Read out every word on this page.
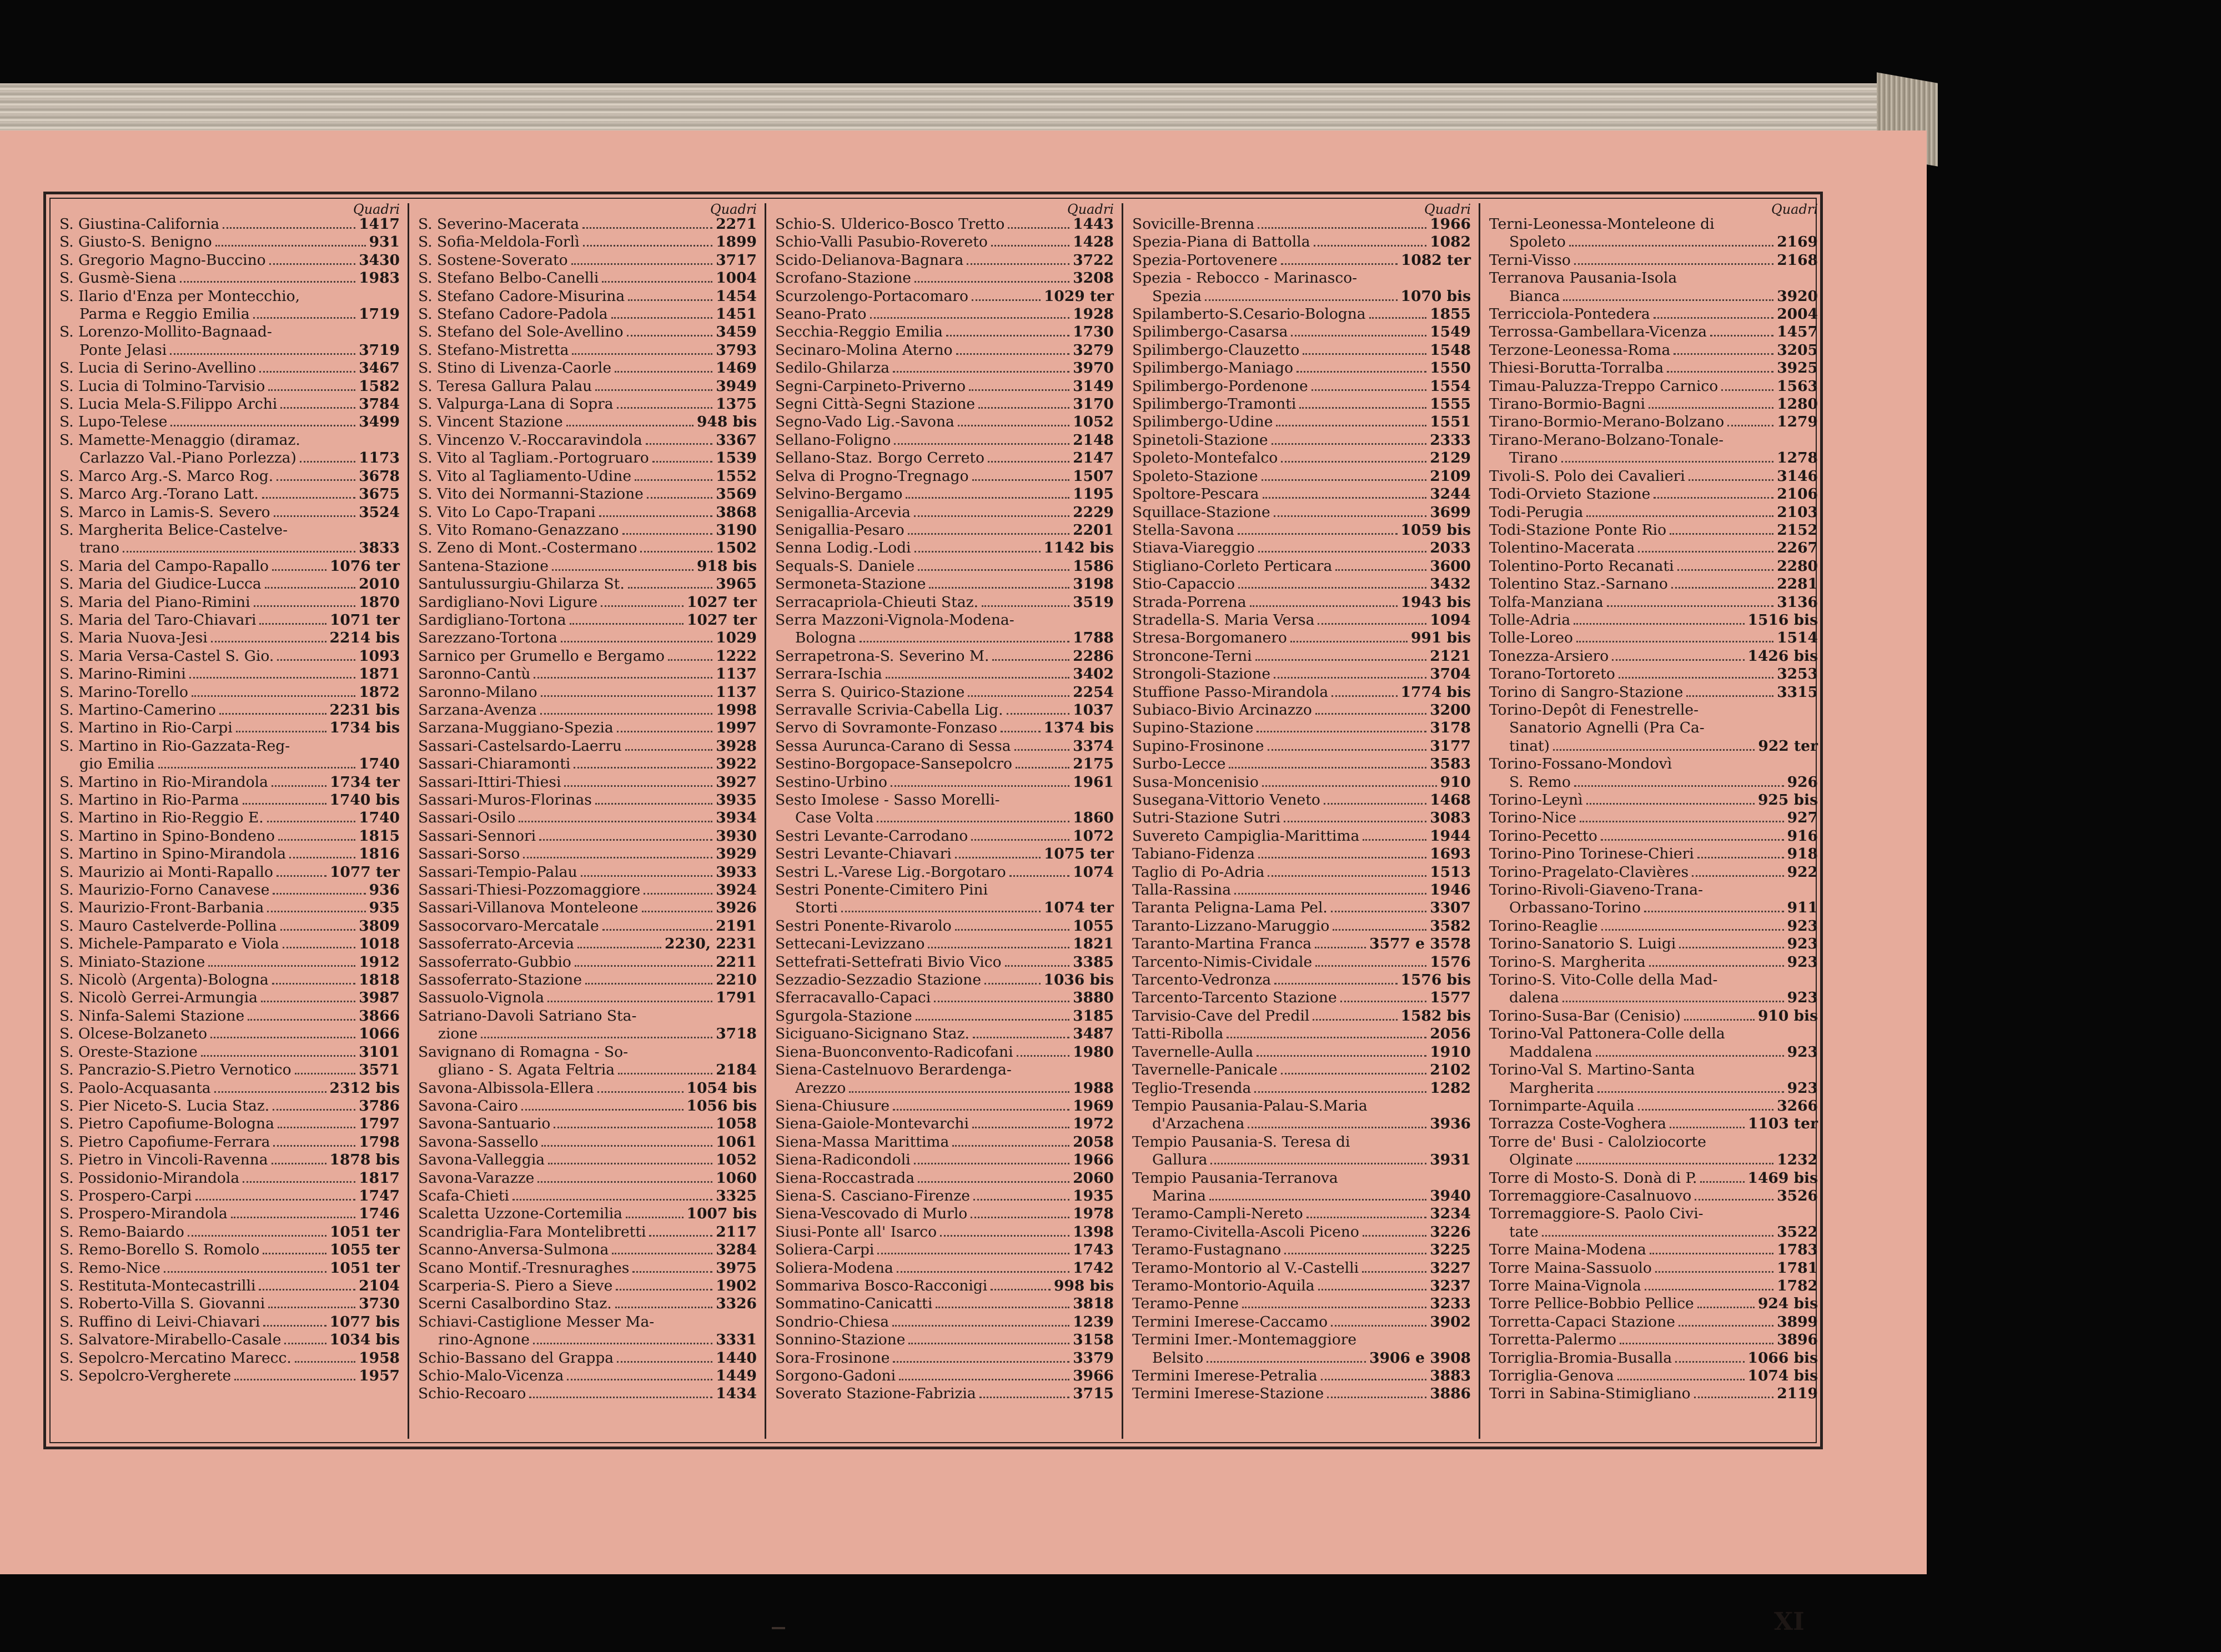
Quadri
S. Giustina-California	1417
S. Giusto-S. Benigno	931
S. Gregorio Magno-Buccino	3430
S. Gusmè-Siena	1983
S. Ilario d'Enza per Montecchio,
Parma e Reggio Emilia	1719
S. Lorenzo-Mollito-Bagnaad-
Ponte Jelasi	3719
S. Lucia di Serino-Avellino	3467
S. Lucia di Tolmino-Tarvisio	1582
S. Lucia Mela-S.Filippo Archi	3784
S. Lupo-Telese	3499
S. Mamette-Menaggio (diramaz.
Carlazzo Val.-Piano Porlezza)	1173
S. Marco Arg.-S. Marco Rog.	3678
S. Marco Arg.-Torano Latt.	3675
S. Marco in Lamis-S. Severo	3524
S. Margherita Belice-Castelve-
trano	3833
S. Maria del Campo-Rapallo	1076 ter
S. Maria del Giudice-Lucca	2010
S. Maria del Piano-Rimini	1870
S. Maria del Taro-Chiavari	1071 ter
S. Maria Nuova-Jesi	2214 bis
S. Maria Versa-Castel S. Gio.	1093
S. Marino-Rimini	1871
S. Marino-Torello	1872
S. Martino-Camerino	2231 bis
S. Martino in Rio-Carpi	1734 bis
S. Martino in Rio-Gazzata-Reg-
gio Emilia	1740
S. Martino in Rio-Mirandola	1734 ter
S. Martino in Rio-Parma	1740 bis
S. Martino in Rio-Reggio E.	1740
S. Martino in Spino-Bondeno	1815
S. Martino in Spino-Mirandola	1816
S. Maurizio ai Monti-Rapallo	1077 ter
S. Maurizio-Forno Canavese	936
S. Maurizio-Front-Barbania	935
S. Mauro Castelverde-Pollina	3809
S. Michele-Pamparato e Viola	1018
S. Miniato-Stazione	1912
S. Nicolò (Argenta)-Bologna	1818
S. Nicolò Gerrei-Armungia	3987
S. Ninfa-Salemi Stazione	3866
S. Olcese-Bolzaneto	1066
S. Oreste-Stazione	3101
S. Pancrazio-S.Pietro Vernotico	3571
S. Paolo-Acquasanta	2312 bis
S. Pier Niceto-S. Lucia Staz.	3786
S. Pietro Capofiume-Bologna	1797
S. Pietro Capofiume-Ferrara	1798
S. Pietro in Vincoli-Ravenna	1878 bis
S. Possidonio-Mirandola	1817
S. Prospero-Carpi	1747
S. Prospero-Mirandola	1746
S. Remo-Baiardo	1051 ter
S. Remo-Borello S. Romolo	1055 ter
S. Remo-Nice	1051 ter
S. Restituta-Montecastrilli	2104
S. Roberto-Villa S. Giovanni	3730
S. Ruffino di Leivi-Chiavari	1077 bis
S. Salvatore-Mirabello-Casale	1034 bis
S. Sepolcro-Mercatino Marecc.	1958
S. Sepolcro-Vergherete	1957
Quadri
S. Severino-Macerata	2271
S. Sofia-Meldola-Forlì	1899
S. Sostene-Soverato	3717
S. Stefano Belbo-Canelli	1004
S. Stefano Cadore-Misurina	1454
S. Stefano Cadore-Padola	1451
S. Stefano del Sole-Avellino	3459
S. Stefano-Mistretta	3793
S. Stino di Livenza-Caorle	1469
S. Teresa Gallura Palau	3949
S. Valpurga-Lana di Sopra	1375
S. Vincent Stazione	948 bis
S. Vincenzo V.-Roccaravindola	3367
S. Vito al Tagliam.-Portogruaro	1539
S. Vito al Tagliamento-Udine	1552
S. Vito dei Normanni-Stazione	3569
S. Vito Lo Capo-Trapani	3868
S. Vito Romano-Genazzano	3190
S. Zeno di Mont.-Costermano	1502
Santena-Stazione	918 bis
Santulussurgiu-Ghilarza St.	3965
Sardigliano-Novi Ligure	1027 ter
Sardigliano-Tortona	1027 ter
Sarezzano-Tortona	1029
Sarnico per Grumello e Bergamo	1222
Saronno-Cantù	1137
Saronno-Milano	1137
Sarzana-Avenza	1998
Sarzana-Muggiano-Spezia	1997
Sassari-Castelsardo-Laerru	3928
Sassari-Chiaramonti	3922
Sassari-Ittiri-Thiesi	3927
Sassari-Muros-Florinas	3935
Sassari-Osilo	3934
Sassari-Sennori	3930
Sassari-Sorso	3929
Sassari-Tempio-Palau	3933
Sassari-Thiesi-Pozzomaggiore	3924
Sassari-Villanova Monteleone	3926
Sassocorvaro-Mercatale	2191
Sassoferrato-Arcevia	2230, 2231
Sassoferrato-Gubbio	2211
Sassoferrato-Stazione	2210
Sassuolo-Vignola	1791
Satriano-Davoli Satriano Sta-
zione	3718
Savignano di Romagna - So-
gliano - S. Agata Feltria	2184
Savona-Albissola-Ellera	1054 bis
Savona-Cairo	1056 bis
Savona-Santuario	1058
Savona-Sassello	1061
Savona-Valleggia	1052
Savona-Varazze	1060
Scafa-Chieti	3325
Scaletta Uzzone-Cortemilia	1007 bis
Scandriglia-Fara Montelibretti	2117
Scanno-Anversa-Sulmona	3284
Scano Montif.-Tresnuraghes	3975
Scarperia-S. Piero a Sieve	1902
Scerni Casalbordino Staz.	3326
Schiavi-Castiglione Messer Ma-
rino-Agnone	3331
Schio-Bassano del Grappa	1440
Schio-Malo-Vicenza	1449
Schio-Recoaro	1434
Quadri
Schio-S. Ulderico-Bosco Tretto	1443
Schio-Valli Pasubio-Rovereto	1428
Scido-Delianova-Bagnara	3722
Scrofano-Stazione	3208
Scurzolengo-Portacomaro	1029 ter
Seano-Prato	1928
Secchia-Reggio Emilia	1730
Secinaro-Molina Aterno	3279
Sedilo-Ghilarza	3970
Segni-Carpineto-Priverno	3149
Segni Città-Segni Stazione	3170
Segno-Vado Lig.-Savona	1052
Sellano-Foligno	2148
Sellano-Staz. Borgo Cerreto	2147
Selva di Progno-Tregnago	1507
Selvino-Bergamo	1195
Senigallia-Arcevia	2229
Senigallia-Pesaro	2201
Senna Lodig.-Lodi	1142 bis
Sequals-S. Daniele	1586
Sermoneta-Stazione	3198
Serracapriola-Chieuti Staz.	3519
Serra Mazzoni-Vignola-Modena-
Bologna	1788
Serrapetrona-S. Severino M.	2286
Serrara-Ischia	3402
Serra S. Quirico-Stazione	2254
Serravalle Scrivia-Cabella Lig.	1037
Servo di Sovramonte-Fonzaso	1374 bis
Sessa Aurunca-Carano di Sessa	3374
Sestino-Borgopace-Sansepolcro	2175
Sestino-Urbino	1961
Sesto Imolese - Sasso Morelli-
Case Volta	1860
Sestri Levante-Carrodano	1072
Sestri Levante-Chiavari	1075 ter
Sestri L.-Varese Lig.-Borgotaro	1074
Sestri Ponente-Cimitero Pini
Storti	1074 ter
Sestri Ponente-Rivarolo	1055
Settecani-Levizzano	1821
Settefrati-Settefrati Bivio Vico	3385
Sezzadio-Sezzadio Stazione	1036 bis
Sferracavallo-Capaci	3880
Sgurgola-Stazione	3185
Siciguano-Sicignano Staz.	3487
Siena-Buonconvento-Radicofani	1980
Siena-Castelnuovo Berardenga-
Arezzo	1988
Siena-Chiusure	1969
Siena-Gaiole-Montevarchi	1972
Siena-Massa Marittima	2058
Siena-Radicondoli	1966
Siena-Roccastrada	2060
Siena-S. Casciano-Firenze	1935
Siena-Vescovado di Murlo	1978
Siusi-Ponte all' Isarco	1398
Soliera-Carpi	1743
Soliera-Modena	1742
Sommariva Bosco-Racconigi	998 bis
Sommatino-Canicatti	3818
Sondrio-Chiesa	1239
Sonnino-Stazione	3158
Sora-Frosinone	3379
Sorgono-Gadoni	3966
Soverato Stazione-Fabrizia	3715
Quadri
Sovicille-Brenna	1966
Spezia-Piana di Battolla	1082
Spezia-Portovenere	1082 ter
Spezia - Rebocco - Marinasco-
Spezia	1070 bis
Spilamberto-S.Cesario-Bologna	1855
Spilimbergo-Casarsa	1549
Spilimbergo-Clauzetto	1548
Spilimbergo-Maniago	1550
Spilimbergo-Pordenone	1554
Spilimbergo-Tramonti	1555
Spilimbergo-Udine	1551
Spinetoli-Stazione	2333
Spoleto-Montefalco	2129
Spoleto-Stazione	2109
Spoltore-Pescara	3244
Squillace-Stazione	3699
Stella-Savona	1059 bis
Stiava-Viareggio	2033
Stigliano-Corleto Perticara	3600
Stio-Capaccio	3432
Strada-Porrena	1943 bis
Stradella-S. Maria Versa	1094
Stresa-Borgomanero	991 bis
Stroncone-Terni	2121
Strongoli-Stazione	3704
Stuffione Passo-Mirandola	1774 bis
Subiaco-Bivio Arcinazzo	3200
Supino-Stazione	3178
Supino-Frosinone	3177
Surbo-Lecce	3583
Susa-Moncenisio	910
Susegana-Vittorio Veneto	1468
Sutri-Stazione Sutri	3083
Suvereto Campiglia-Marittima	1944
Tabiano-Fidenza	1693
Taglio di Po-Adria	1513
Talla-Rassina	1946
Taranta Peligna-Lama Pel.	3307
Taranto-Lizzano-Maruggio	3582
Taranto-Martina Franca	3577 e 3578
Tarcento-Nimis-Cividale	1576
Tarcento-Vedronza	1576 bis
Tarcento-Tarcento Stazione	1577
Tarvisio-Cave del Predil	1582 bis
Tatti-Ribolla	2056
Tavernelle-Aulla	1910
Tavernelle-Panicale	2102
Teglio-Tresenda	1282
Tempio Pausania-Palau-S.Maria
d'Arzachena	3936
Tempio Pausania-S. Teresa di
Gallura	3931
Tempio Pausania-Terranova
Marina	3940
Teramo-Campli-Nereto	3234
Teramo-Civitella-Ascoli Piceno	3226
Teramo-Fustagnano	3225
Teramo-Montorio al V.-Castelli	3227
Teramo-Montorio-Aquila	3237
Teramo-Penne	3233
Termini Imerese-Caccamo	3902
Termini Imer.-Montemaggiore
Belsito	3906 e 3908
Termini Imerese-Petralia	3883
Termini Imerese-Stazione	3886
Quadri
Terni-Leonessa-Monteleone di
Spoleto	2169
Terni-Visso	2168
Terranova Pausania-Isola
Bianca	3920
Terricciola-Pontedera	2004
Terrossa-Gambellara-Vicenza	1457
Terzone-Leonessa-Roma	3205
Thiesi-Borutta-Torralba	3925
Timau-Paluzza-Treppo Carnico	1563
Tirano-Bormio-Bagni	1280
Tirano-Bormio-Merano-Bolzano	1279
Tirano-Merano-Bolzano-Tonale-
Tirano	1278
Tivoli-S. Polo dei Cavalieri	3146
Todi-Orvieto Stazione	2106
Todi-Perugia	2103
Todi-Stazione Ponte Rio	2152
Tolentino-Macerata	2267
Tolentino-Porto Recanati	2280
Tolentino Staz.-Sarnano	2281
Tolfa-Manziana	3136
Tolle-Adria	1516 bis
Tolle-Loreo	1514
Tonezza-Arsiero	1426 bis
Torano-Tortoreto	3253
Torino di Sangro-Stazione	3315
Torino-Depôt di Fenestrelle-
Sanatorio Agnelli (Pra Ca-
tinat)	922 ter
Torino-Fossano-Mondovì
S. Remo	926
Torino-Leynì	925 bis
Torino-Nice	927
Torino-Pecetto	916
Torino-Pino Torinese-Chieri	918
Torino-Pragelato-Clavières	922
Torino-Rivoli-Giaveno-Trana-
Orbassano-Torino	911
Torino-Reaglie	923
Torino-Sanatorio S. Luigi	923
Torino-S. Margherita	923
Torino-S. Vito-Colle della Mad-
dalena	923
Torino-Susa-Bar (Cenisio)	910 bis
Torino-Val Pattonera-Colle della
Maddalena	923
Torino-Val S. Martino-Santa
Margherita	923
Tornimparte-Aquila	3266
Torrazza Coste-Voghera	1103 ter
Torre de' Busi - Calolziocorte
Olginate	1232
Torre di Mosto-S. Donà di P.	1469 bis
Torremaggiore-Casalnuovo	3526
Torremaggiore-S. Paolo Civi-
tate	3522
Torre Maina-Modena	1783
Torre Maina-Sassuolo	1781
Torre Maina-Vignola	1782
Torre Pellice-Bobbio Pellice	924 bis
Torretta-Capaci Stazione	3899
Torretta-Palermo	3896
Torriglia-Bromia-Busalla	1066 bis
Torriglia-Genova	1074 bis
Torri in Sabina-Stimigliano	2119
XI
